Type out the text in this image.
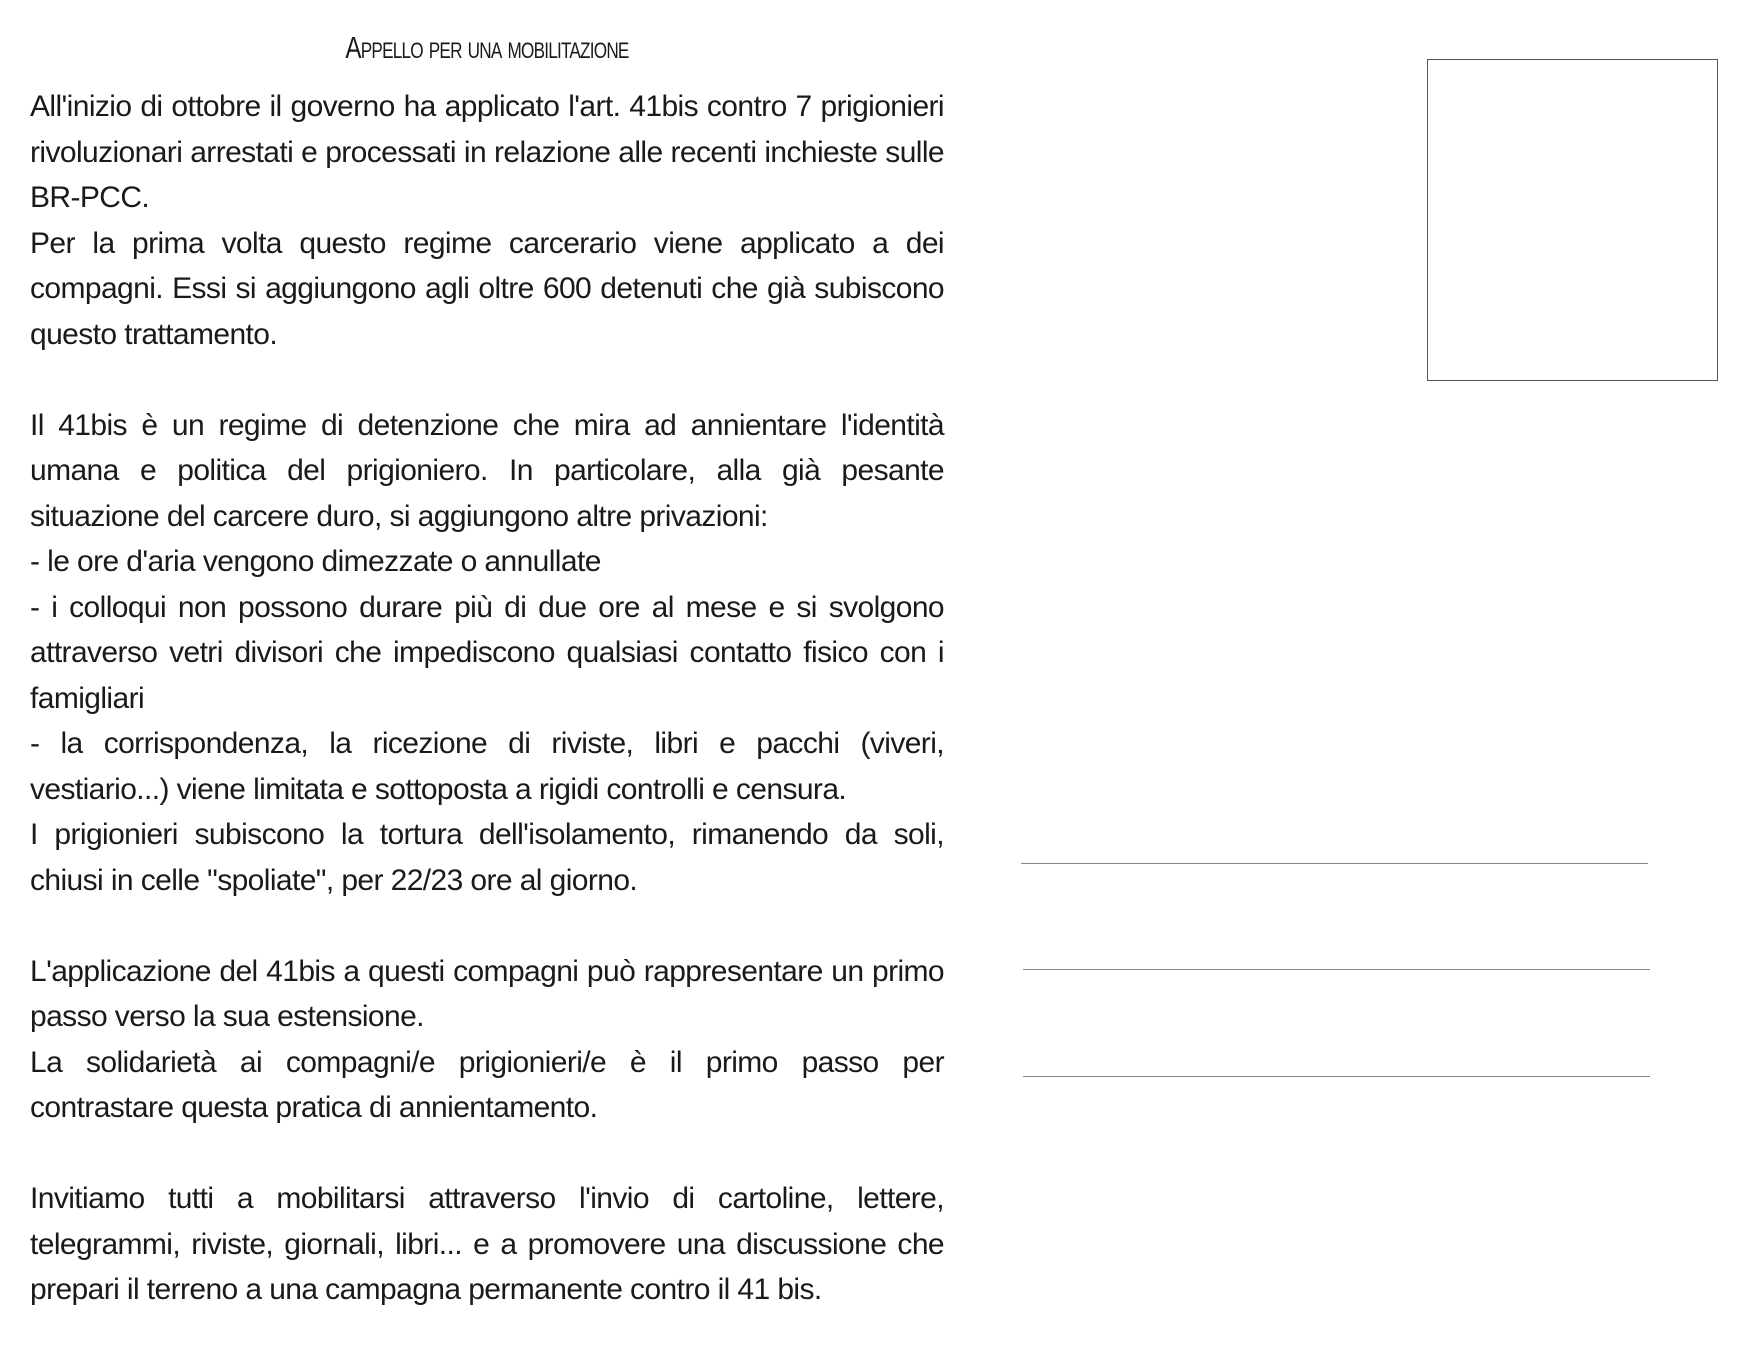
Appello per una mobilitazione
All'inizio di ottobre il governo ha applicato l'art. 41bis contro 7 prigionieri rivoluzionari arrestati e processati in relazione alle recenti inchieste sulle BR-PCC.
Per la prima volta questo regime carcerario viene applicato a dei compagni. Essi si aggiungono agli oltre 600 detenuti che già subiscono questo trattamento.
Il 41bis è un regime di detenzione che mira ad annientare l'identità umana e politica del prigioniero. In particolare, alla già pesante situazione del carcere duro, si aggiungono altre privazioni:
- le ore d'aria vengono dimezzate o annullate
- i colloqui non possono durare più di due ore al mese e si svolgono attraverso vetri divisori che impediscono qualsiasi contatto fisico con i famigliari
- la corrispondenza, la ricezione di riviste, libri e pacchi (viveri, vestiario...) viene limitata e sottoposta a rigidi controlli e censura.
I prigionieri subiscono la tortura dell'isolamento, rimanendo da soli, chiusi in celle "spoliate", per 22/23 ore al giorno.
L'applicazione del 41bis a questi compagni può rappresentare un primo passo verso la sua estensione.
La solidarietà ai compagni/e prigionieri/e è il primo passo per contrastare questa pratica di annientamento.
Invitiamo tutti a mobilitarsi attraverso l'invio di cartoline, lettere, telegrammi, riviste, giornali, libri... e a promovere una discussione che prepari il terreno a una campagna permanente contro il 41 bis.
